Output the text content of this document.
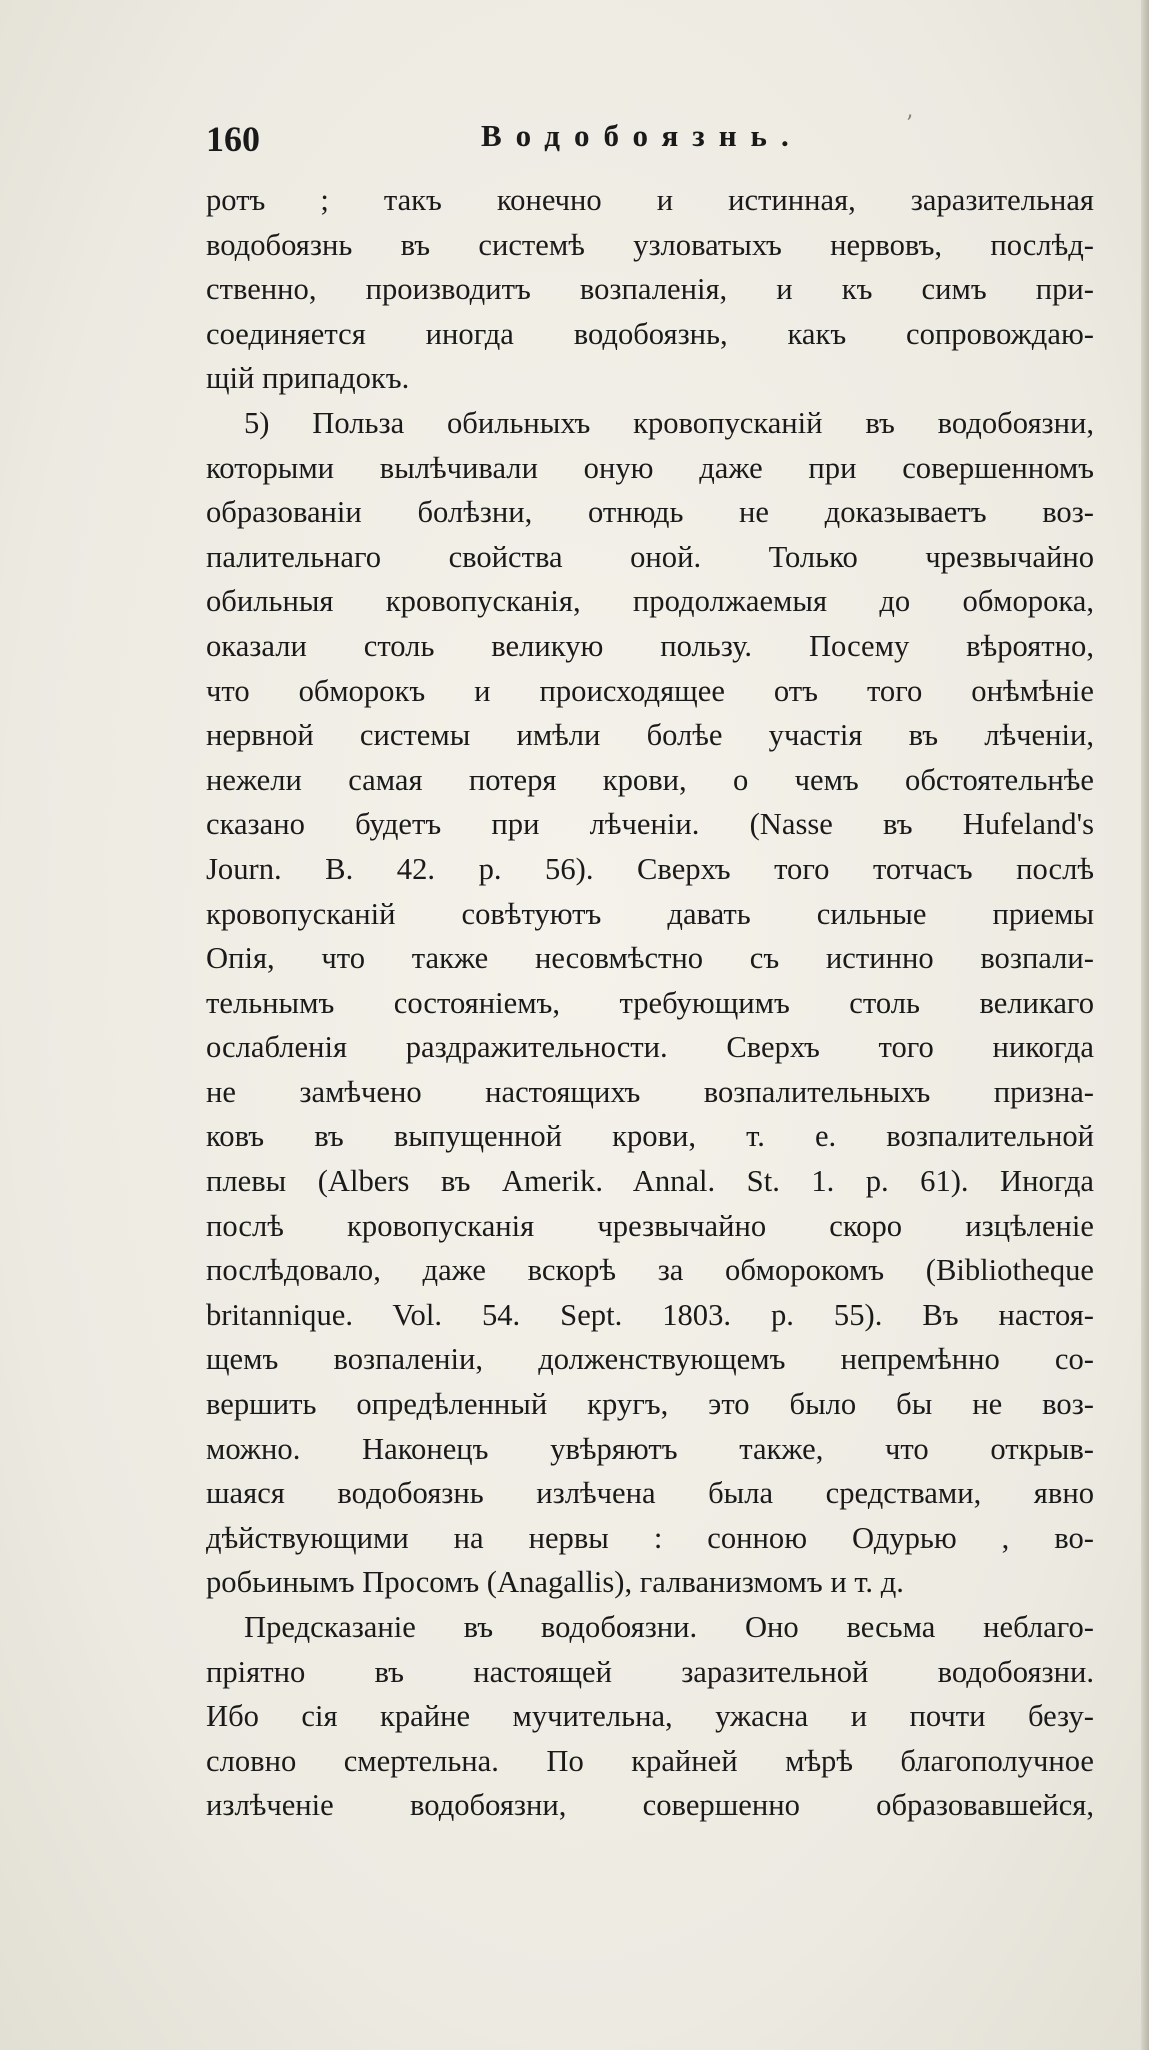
160	Водобоязнь.	’
ротъ ; такъ конечно и истинная, заразительная
водобоязнь въ системѣ узловатыхъ нервовъ, послѣд-
ственно, производитъ возпаленія, и къ симъ при-
соединяется иногда водобоязнь, какъ сопровождаю-
щій припадокъ.
5) Польза обильныхъ кровопусканій въ водобоязни,
которыми вылѣчивали оную даже при совершенномъ
образованіи болѣзни, отнюдь не доказываетъ воз-
палительнаго свойства оной. Только чрезвычайно
обильныя кровопусканія, продолжаемыя до обморока,
оказали столь великую пользу. Посему вѣроятно,
что обморокъ и происходящее отъ того онѣмѣніе
нервной системы имѣли болѣе участія въ лѣченіи,
нежели самая потеря крови, о чемъ обстоятельнѣе
сказано будетъ при лѣченіи. (Nasse въ Hufeland's
Journ. B. 42. p. 56). Сверхъ того тотчасъ послѣ
кровопусканій совѣтуютъ давать сильные приемы
Опія, что также несовмѣстно съ истинно возпали-
тельнымъ состояніемъ, требующимъ столь великаго
ослабленія раздражительности. Сверхъ того никогда
не замѣчено настоящихъ возпалительныхъ призна-
ковъ въ выпущенной крови, т. е. возпалительной
плевы (Albers въ Amerik. Annal. St. 1. p. 61). Иногда
послѣ кровопусканія чрезвычайно скоро изцѣленіе
послѣдовало, даже вскорѣ за обморокомъ (Bibliotheque
britannique. Vol. 54. Sept. 1803. p. 55). Въ настоя-
щемъ возпаленіи, долженствующемъ непремѣнно со-
вершить опредѣленный кругъ, это было бы не воз-
можно. Наконецъ увѣряютъ также, что открыв-
шаяся водобоязнь излѣчена была средствами, явно
дѣйствующими на нервы : сонною Одурью , во-
робьинымъ Просомъ (Anagallis), галванизмомъ и т. д.
Предсказаніе въ водобоязни. Оно весьма неблаго-
пріятно въ настоящей заразительной водобоязни.
Ибо сія крайне мучительна, ужасна и почти безу-
словно смертельна. По крайней мѣрѣ благополучное
излѣченіе водобоязни, совершенно образовавшейся,
